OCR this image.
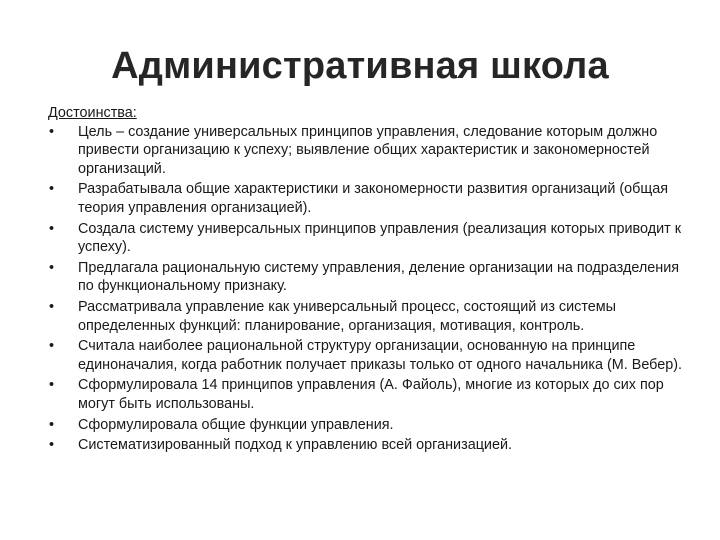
Административная школа
Достоинства:
• Цель – создание универсальных принципов управления, следование которым должно привести организацию к успеху; выявление общих характеристик и закономерностей организаций.
• Разрабатывала общие характеристики и закономерности развития организаций (общая теория управления организацией).
• Создала систему универсальных принципов управления (реализация которых приводит к успеху).
• Предлагала рациональную систему управления, деление организации на подразделения по функциональному признаку.
• Рассматривала управление как универсальный процесс, состоящий из системы определенных функций: планирование, организация, мотивация, контроль.
• Считала наиболее рациональной структуру организации, основанную на принципе единоначалия, когда работник получает приказы только от одного начальника (М. Вебер).
• Сформулировала 14 принципов управления (А. Файоль), многие из которых до сих пор могут быть использованы.
• Сформулировала общие функции управления.
• Систематизированный подход к управлению всей организацией.
